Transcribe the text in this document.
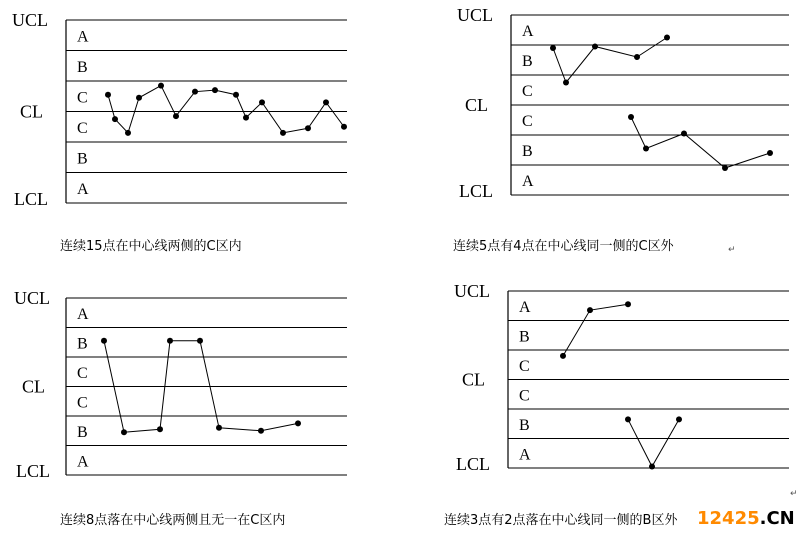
A
B
C
C
B
A
UCL
CL
LCL
A
B
C
C
B
A
UCL
CL
LCL
A
B
C
C
B
A
UCL
CL
LCL
A
B
C
C
B
A
UCL
CL
LCL
连续15点在中心线两侧的C区内	连续5点有4点在中心线同一侧的C区外	↵
连续8点落在中心线两侧且无一在C区内	连续3点有2点落在中心线同一侧的B区外
↵
12425.CN
